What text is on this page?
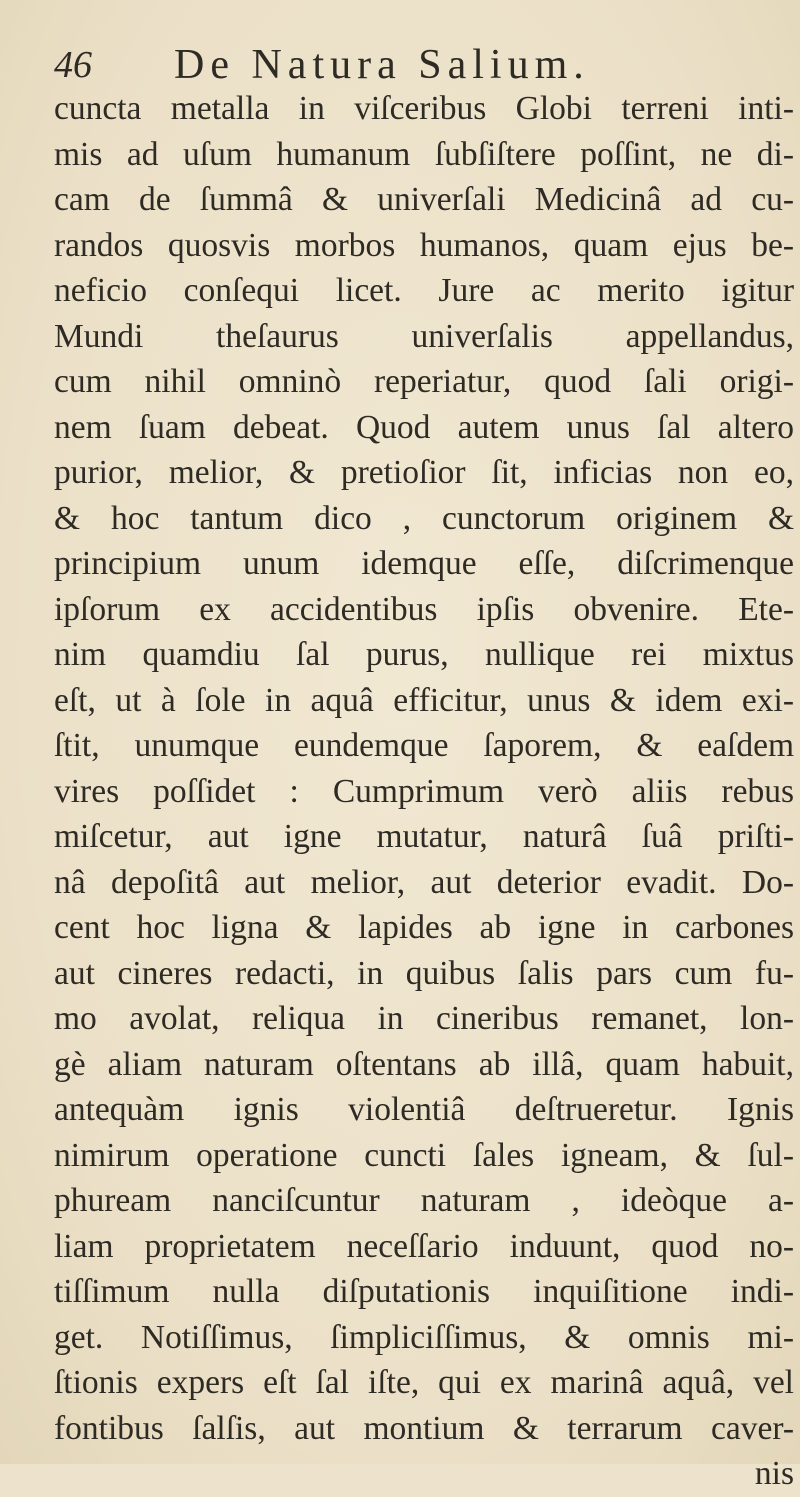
46 De Natura Salium.
cuncta metalla in viſceribus Globi terreni inti-
mis ad uſum humanum ſubſiſtere poſſint, ne di-
cam de ſummâ & univerſali Medicinâ ad cu-
randos quosvis morbos humanos, quam ejus be-
neficio conſequi licet. Jure ac merito igitur
Mundi theſaurus univerſalis appellandus,
cum nihil omninò reperiatur, quod ſali origi-
nem ſuam debeat. Quod autem unus ſal altero
purior, melior, & pretioſior ſit, inficias non eo,
& hoc tantum dico , cunctorum originem &
principium unum idemque eſſe, diſcrimenque
ipſorum ex accidentibus ipſis obvenire. Ete-
nim quamdiu ſal purus, nullique rei mixtus
eſt, ut à ſole in aquâ efficitur, unus & idem exi-
ſtit, unumque eundemque ſaporem, & eaſdem
vires poſſidet : Cumprimum verò aliis rebus
miſcetur, aut igne mutatur, naturâ ſuâ priſti-
nâ depoſitâ aut melior, aut deterior evadit. Do-
cent hoc ligna & lapides ab igne in carbones
aut cineres redacti, in quibus ſalis pars cum fu-
mo avolat, reliqua in cineribus remanet, lon-
gè aliam naturam oſtentans ab illâ, quam habuit,
antequàm ignis violentiâ deſtrueretur. Ignis
nimirum operatione cuncti ſales igneam, & ſul-
phuream nanciſcuntur naturam , ideòque a-
liam proprietatem neceſſario induunt, quod no-
tiſſimum nulla diſputationis inquiſitione indi-
get. Notiſſimus, ſimpliciſſimus, & omnis mi-
ſtionis expers eſt ſal iſte, qui ex marinâ aquâ, vel
fontibus ſalſis, aut montium & terrarum caver-
nis
